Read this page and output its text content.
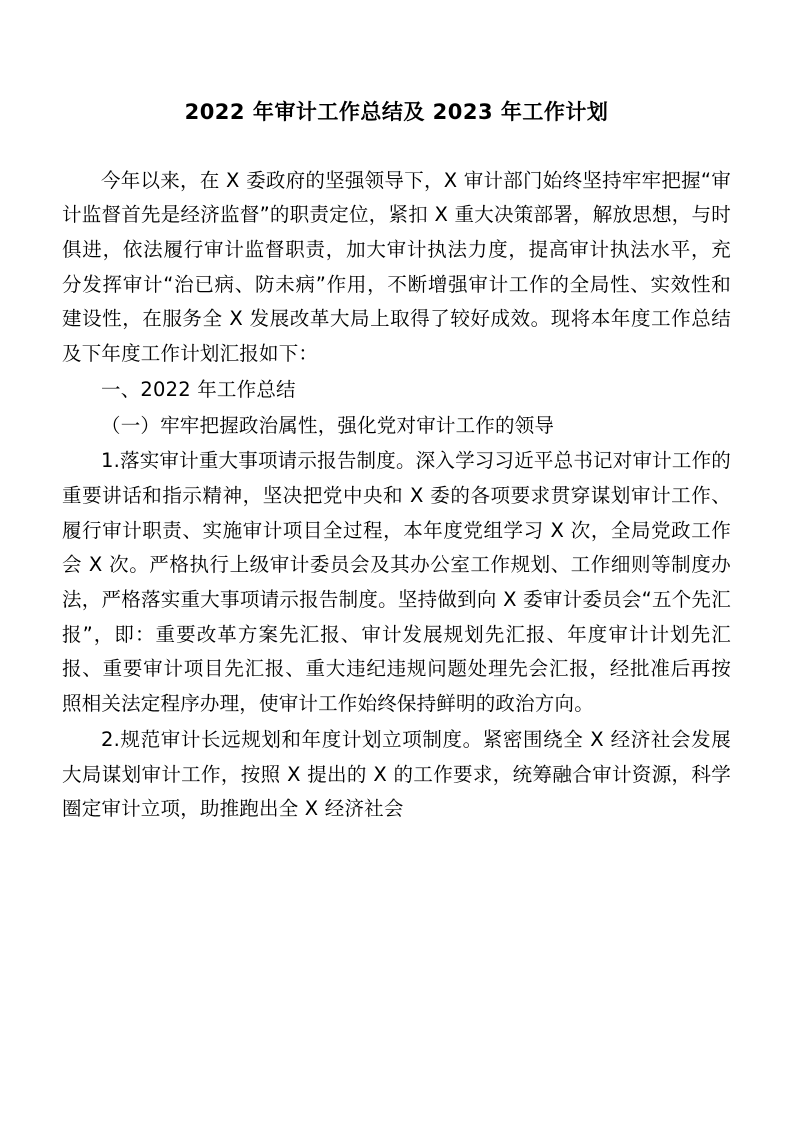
2022 年审计工作总结及 2023 年工作计划

今年以来，在 X 委政府的坚强领导下，X 审计部门始终坚持牢牢把握“审计监督首先是经济监督”的职责定位，紧扣 X 重大决策部署，解放思想，与时俱进，依法履行审计监督职责，加大审计执法力度，提高审计执法水平，充分发挥审计“治已病、防未病”作用，不断增强审计工作的全局性、实效性和建设性，在服务全 X 发展改革大局上取得了较好成效。现将本年度工作总结及下年度工作计划汇报如下：

一、2022 年工作总结

（一）牢牢把握政治属性，强化党对审计工作的领导

1.落实审计重大事项请示报告制度。深入学习习近平总书记对审计工作的重要讲话和指示精神，坚决把党中央和 X 委的各项要求贯穿谋划审计工作、履行审计职责、实施审计项目全过程，本年度党组学习 X 次，全局党政工作会 X 次。严格执行上级审计委员会及其办公室工作规划、工作细则等制度办法，严格落实重大事项请示报告制度。坚持做到向 X 委审计委员会“五个先汇报”，即：重要改革方案先汇报、审计发展规划先汇报、年度审计计划先汇报、重要审计项目先汇报、重大违纪违规问题处理先会汇报，经批准后再按照相关法定程序办理，使审计工作始终保持鲜明的政治方向。

2.规范审计长远规划和年度计划立项制度。紧密围绕全 X 经济社会发展大局谋划审计工作，按照 X 提出的 X 的工作要求，统筹融合审计资源，科学圈定审计立项，助推跑出全 X 经济社会
